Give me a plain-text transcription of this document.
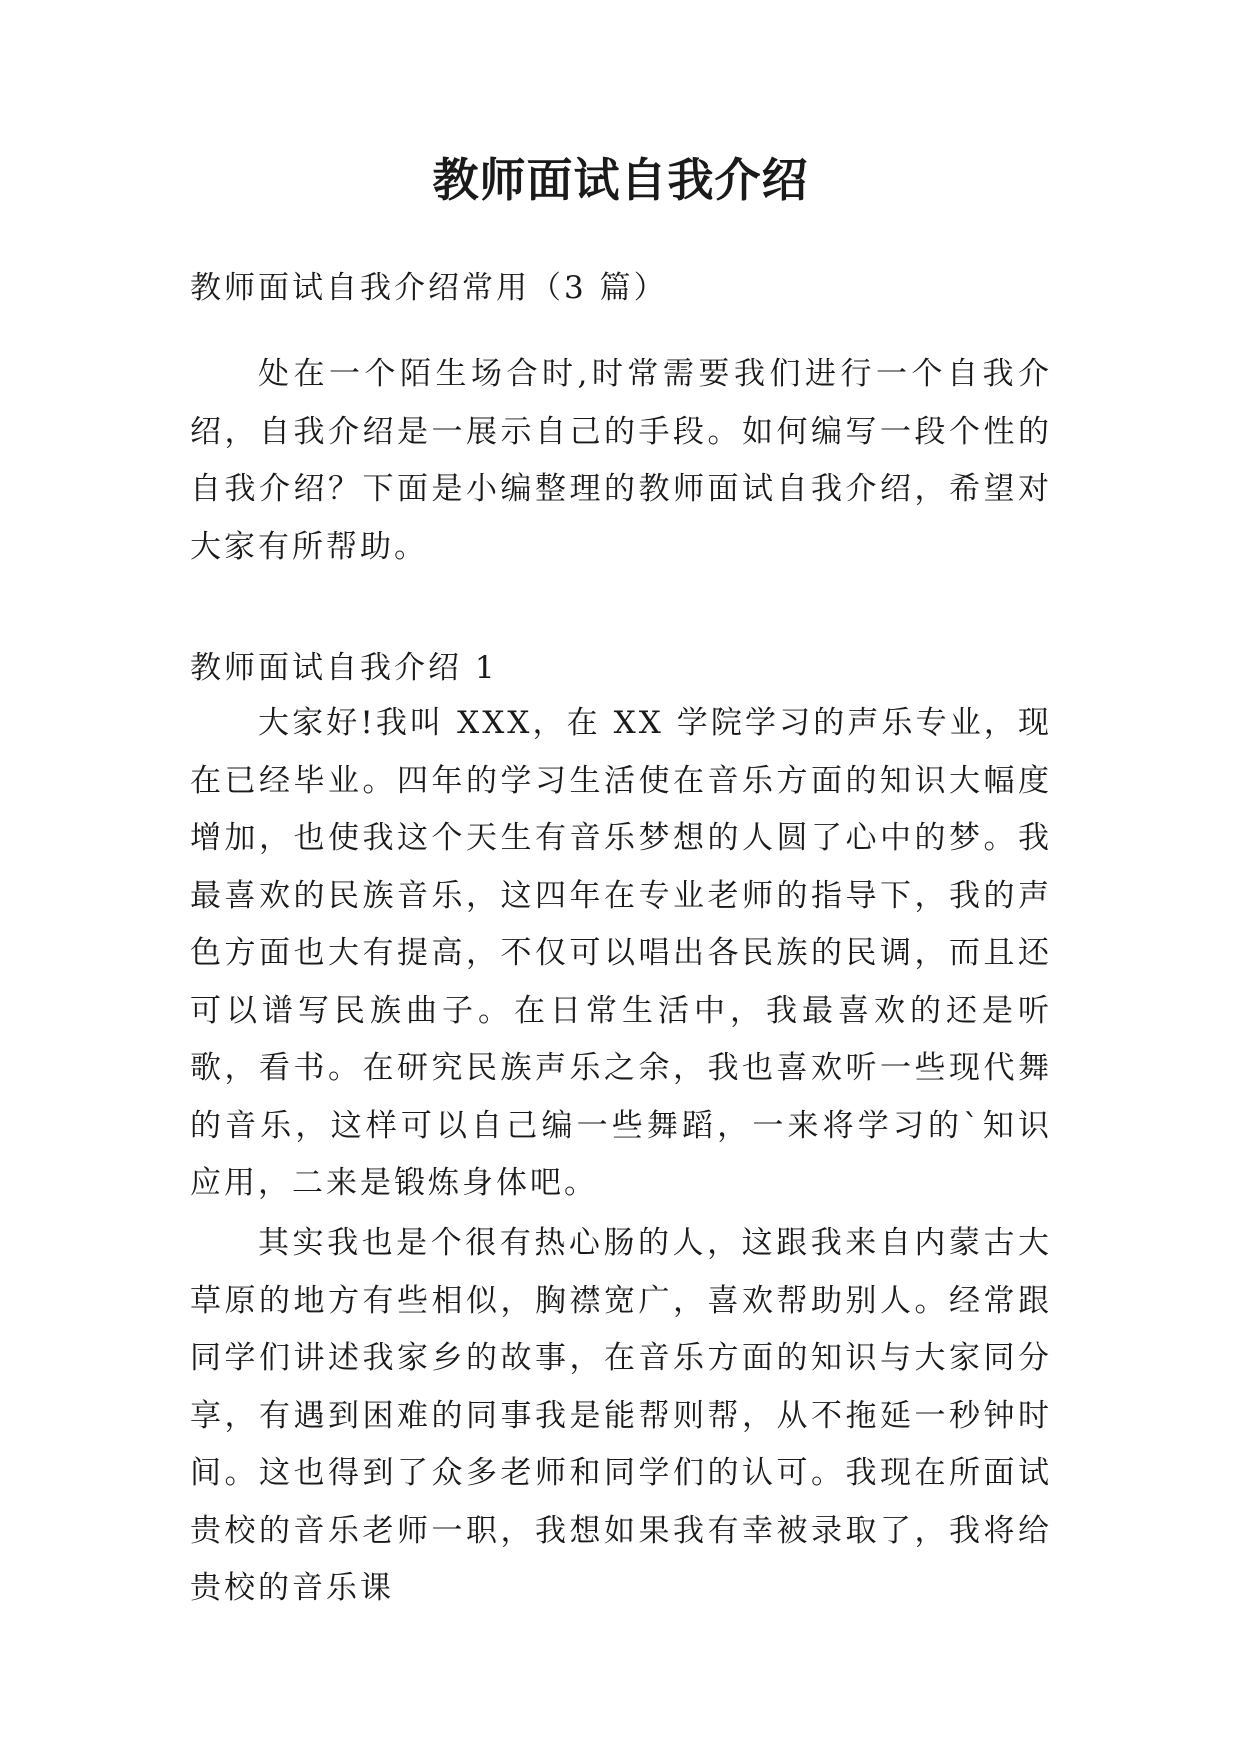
教师面试自我介绍

教师面试自我介绍常用（3 篇）

处在一个陌生场合时,时常需要我们进行一个自我介绍，自我介绍是一展示自己的手段。如何编写一段个性的自我介绍？下面是小编整理的教师面试自我介绍，希望对大家有所帮助。

教师面试自我介绍 1

大家好!我叫 XXX，在 XX 学院学习的声乐专业，现在已经毕业。四年的学习生活使在音乐方面的知识大幅度增加，也使我这个天生有音乐梦想的人圆了心中的梦。我最喜欢的民族音乐，这四年在专业老师的指导下，我的声色方面也大有提高，不仅可以唱出各民族的民调，而且还可以谱写民族曲子。在日常生活中，我最喜欢的还是听歌，看书。在研究民族声乐之余，我也喜欢听一些现代舞的音乐，这样可以自己编一些舞蹈，一来将学习的`知识应用，二来是锻炼身体吧。

其实我也是个很有热心肠的人，这跟我来自内蒙古大草原的地方有些相似，胸襟宽广，喜欢帮助别人。经常跟同学们讲述我家乡的故事，在音乐方面的知识与大家同分享，有遇到困难的同事我是能帮则帮，从不拖延一秒钟时间。这也得到了众多老师和同学们的认可。我现在所面试贵校的音乐老师一职，我想如果我有幸被录取了，我将给贵校的音乐课
